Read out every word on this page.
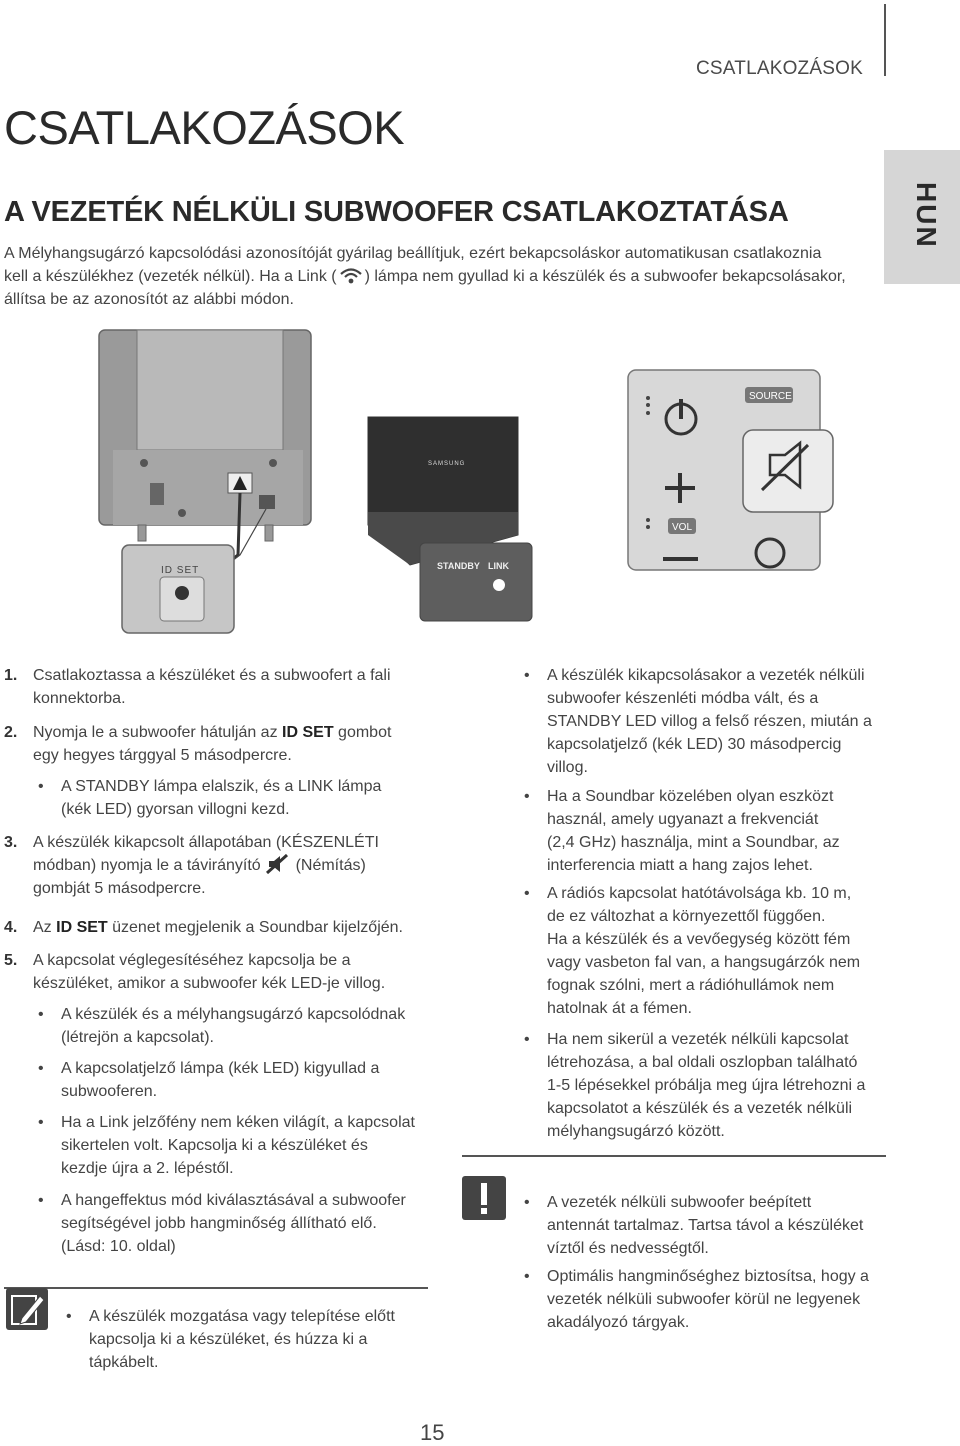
CSATLAKOZÁSOK
HUN
CSATLAKOZÁSOK
A VEZETÉK NÉLKÜLI SUBWOOFER CSATLAKOZTATÁSA
A Mélyhangsugárzó kapcsolódási azonosítóját gyárilag beállítjuk, ezért bekapcsoláskor automatikusan csatlakoznia
kell a készülékhez (vezeték nélkül). Ha a Link ( ) lámpa nem gyullad ki a készülék és a subwoofer bekapcsolásakor,
állítsa be az azonosítót az alábbi módon.
ID SET
SAMSUNG
STANDBY LINK
SOURCE
VOL
1. Csatlakoztassa a készüléket és a subwoofert a fali
konnektorba.
2. Nyomja le a subwoofer hátulján az ID SET gombot
egy hegyes tárggyal 5 másodpercre.
• A STANDBY lámpa elalszik, és a LINK lámpa
(kék LED) gyorsan villogni kezd.
3. A készülék kikapcsolt állapotában (KÉSZENLÉTI
módban) nyomja le a távirányító  (Némítás)
gombját 5 másodpercre.
4. Az ID SET üzenet megjelenik a Soundbar kijelzőjén.
5. A kapcsolat véglegesítéséhez kapcsolja be a
készüléket, amikor a subwoofer kék LED-je villog.
• A készülék és a mélyhangsugárzó kapcsolódnak
(létrejön a kapcsolat).
• A kapcsolatjelző lámpa (kék LED) kigyullad a
subwooferen.
• Ha a Link jelzőfény nem kéken világít, a kapcsolat
sikertelen volt. Kapcsolja ki a készüléket és
kezdje újra a 2. lépéstől.
• A hangeffektus mód kiválasztásával a subwoofer
segítségével jobb hangminőség állítható elő.
(Lásd: 10. oldal)
• A készülék mozgatása vagy telepítése előtt
kapcsolja ki a készüléket, és húzza ki a
tápkábelt.
• A készülék kikapcsolásakor a vezeték nélküli
subwoofer készenléti módba vált, és a
STANDBY LED villog a felső részen, miután a
kapcsolatjelző (kék LED) 30 másodpercig
villog.
• Ha a Soundbar közelében olyan eszközt
használ, amely ugyanazt a frekvenciát
(2,4 GHz) használja, mint a Soundbar, az
interferencia miatt a hang zajos lehet.
• A rádiós kapcsolat hatótávolsága kb. 10 m,
de ez változhat a környezettől függően.
Ha a készülék és a vevőegység között fém
vagy vasbeton fal van, a hangsugárzók nem
fognak szólni, mert a rádióhullámok nem
hatolnak át a fémen.
• Ha nem sikerül a vezeték nélküli kapcsolat
létrehozása, a bal oldali oszlopban található
1-5 lépésekkel próbálja meg újra létrehozni a
kapcsolatot a készülék és a vezeték nélküli
mélyhangsugárzó között.
• A vezeték nélküli subwoofer beépített
antennát tartalmaz. Tartsa távol a készüléket
víztől és nedvességtől.
• Optimális hangminőséghez biztosítsa, hogy a
vezeték nélküli subwoofer körül ne legyenek
akadályozó tárgyak.
15
